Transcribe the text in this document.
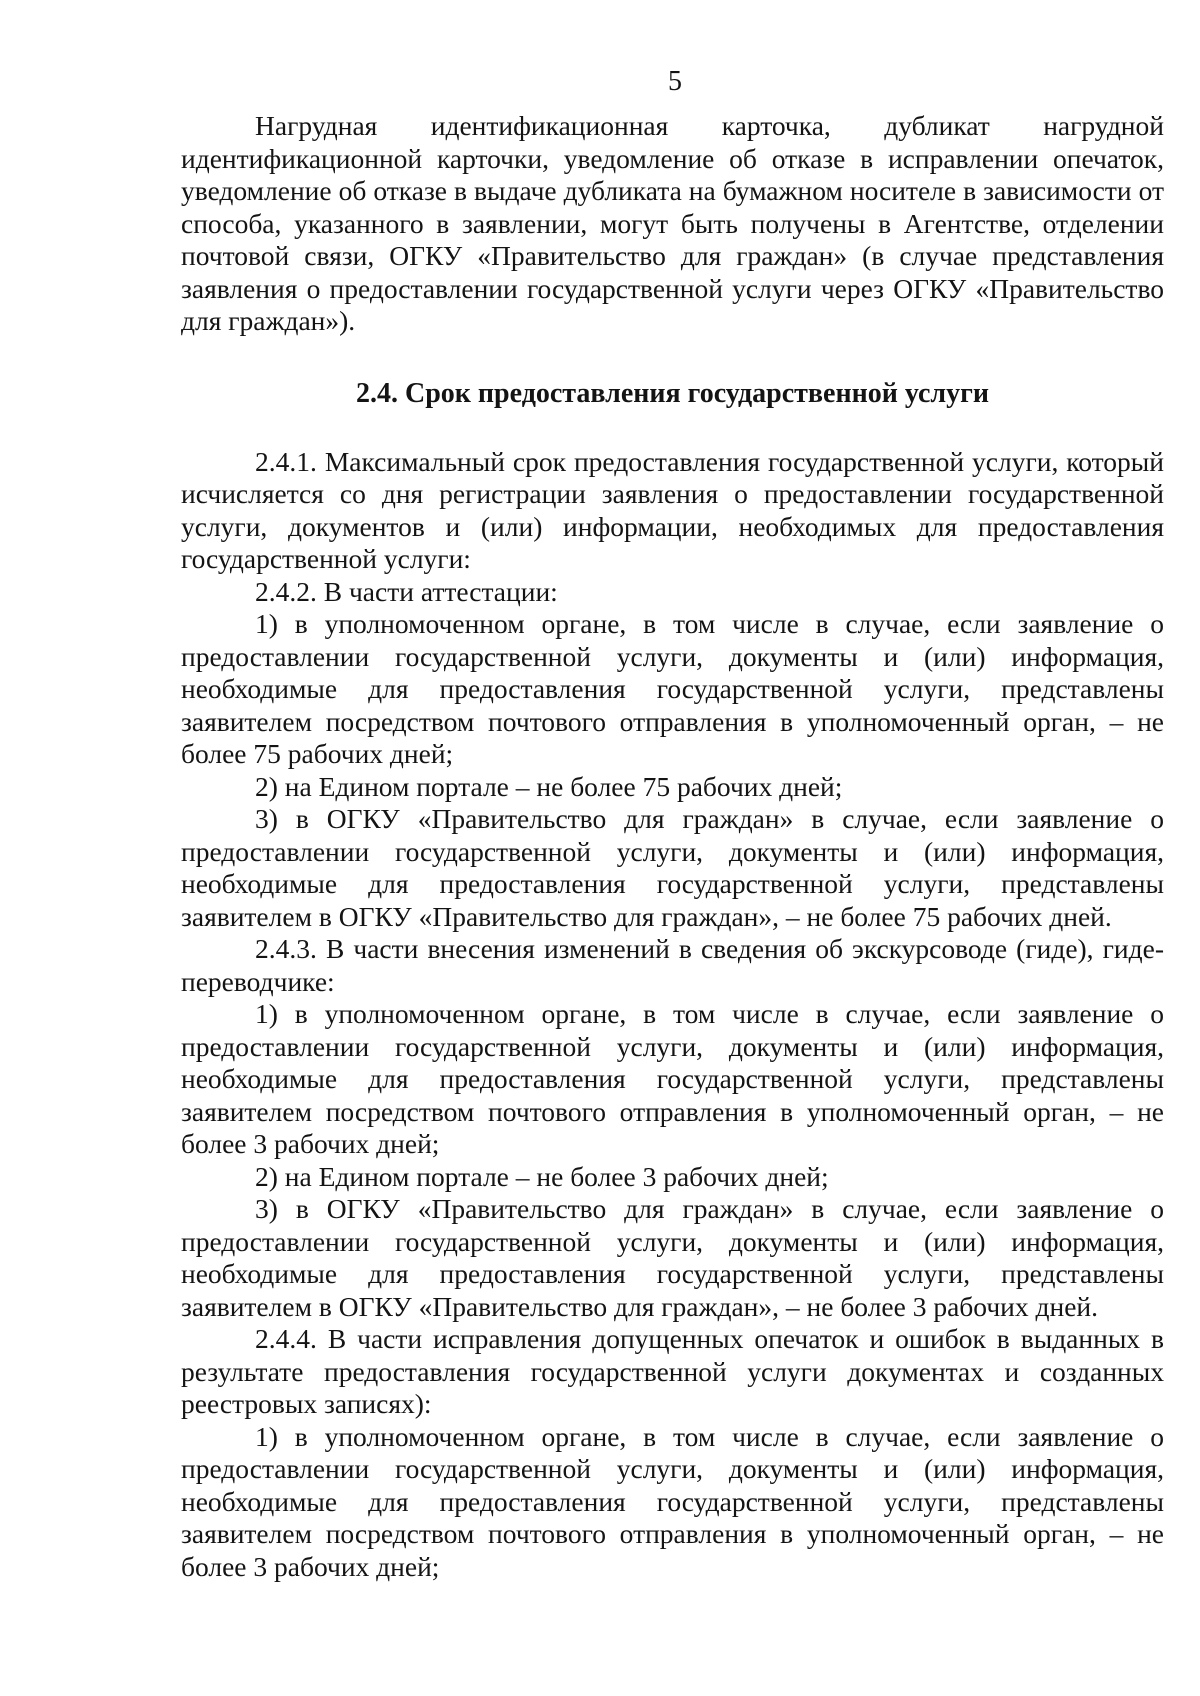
5

Нагрудная идентификационная карточка, дубликат нагрудной идентификационной карточки, уведомление об отказе в исправлении опечаток, уведомление об отказе в выдаче дубликата на бумажном носителе в зависимости от способа, указанного в заявлении, могут быть получены в Агентстве, отделении почтовой связи, ОГКУ «Правительство для граждан» (в случае представления заявления о предоставлении государственной услуги через ОГКУ «Правительство для граждан»).

2.4. Срок предоставления государственной услуги

2.4.1. Максимальный срок предоставления государственной услуги, который исчисляется со дня регистрации заявления о предоставлении государственной услуги, документов и (или) информации, необходимых для предоставления государственной услуги:

2.4.2. В части аттестации:

1) в уполномоченном органе, в том числе в случае, если заявление о предоставлении государственной услуги, документы и (или) информация, необходимые для предоставления государственной услуги, представлены заявителем посредством почтового отправления в уполномоченный орган, – не более 75 рабочих дней;

2) на Едином портале – не более 75 рабочих дней;

3) в ОГКУ «Правительство для граждан» в случае, если заявление о предоставлении государственной услуги, документы и (или) информация, необходимые для предоставления государственной услуги, представлены заявителем в ОГКУ «Правительство для граждан», – не более 75 рабочих дней.

2.4.3. В части внесения изменений в сведения об экскурсоводе (гиде), гиде-переводчике:

1) в уполномоченном органе, в том числе в случае, если заявление о предоставлении государственной услуги, документы и (или) информация, необходимые для предоставления государственной услуги, представлены заявителем посредством почтового отправления в уполномоченный орган, – не более 3 рабочих дней;

2) на Едином портале – не более 3 рабочих дней;

3) в ОГКУ «Правительство для граждан» в случае, если заявление о предоставлении государственной услуги, документы и (или) информация, необходимые для предоставления государственной услуги, представлены заявителем в ОГКУ «Правительство для граждан», – не более 3 рабочих дней.

2.4.4. В части исправления допущенных опечаток и ошибок в выданных в результате предоставления государственной услуги документах и созданных реестровых записях):

1) в уполномоченном органе, в том числе в случае, если заявление о предоставлении государственной услуги, документы и (или) информация, необходимые для предоставления государственной услуги, представлены заявителем посредством почтового отправления в уполномоченный орган, – не более 3 рабочих дней;
